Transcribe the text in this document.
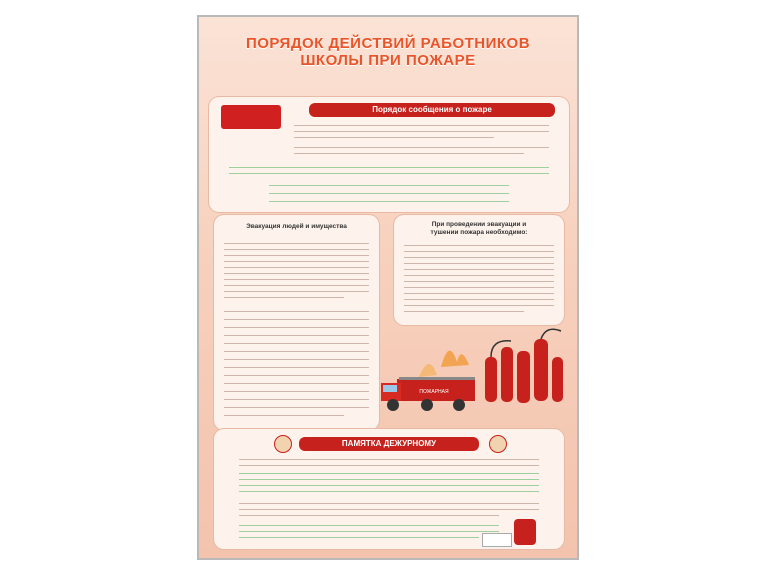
ПОРЯДОК ДЕЙСТВИЙ РАБОТНИКОВ
ШКОЛЫ ПРИ ПОЖАРЕ
Порядок сообщения о пожаре
Эвакуация людей и имущества	При проведении эвакуации и
тушении пожара необходимо:
ПОЖАРНАЯ
ПАМЯТКА ДЕЖУРНОМУ
